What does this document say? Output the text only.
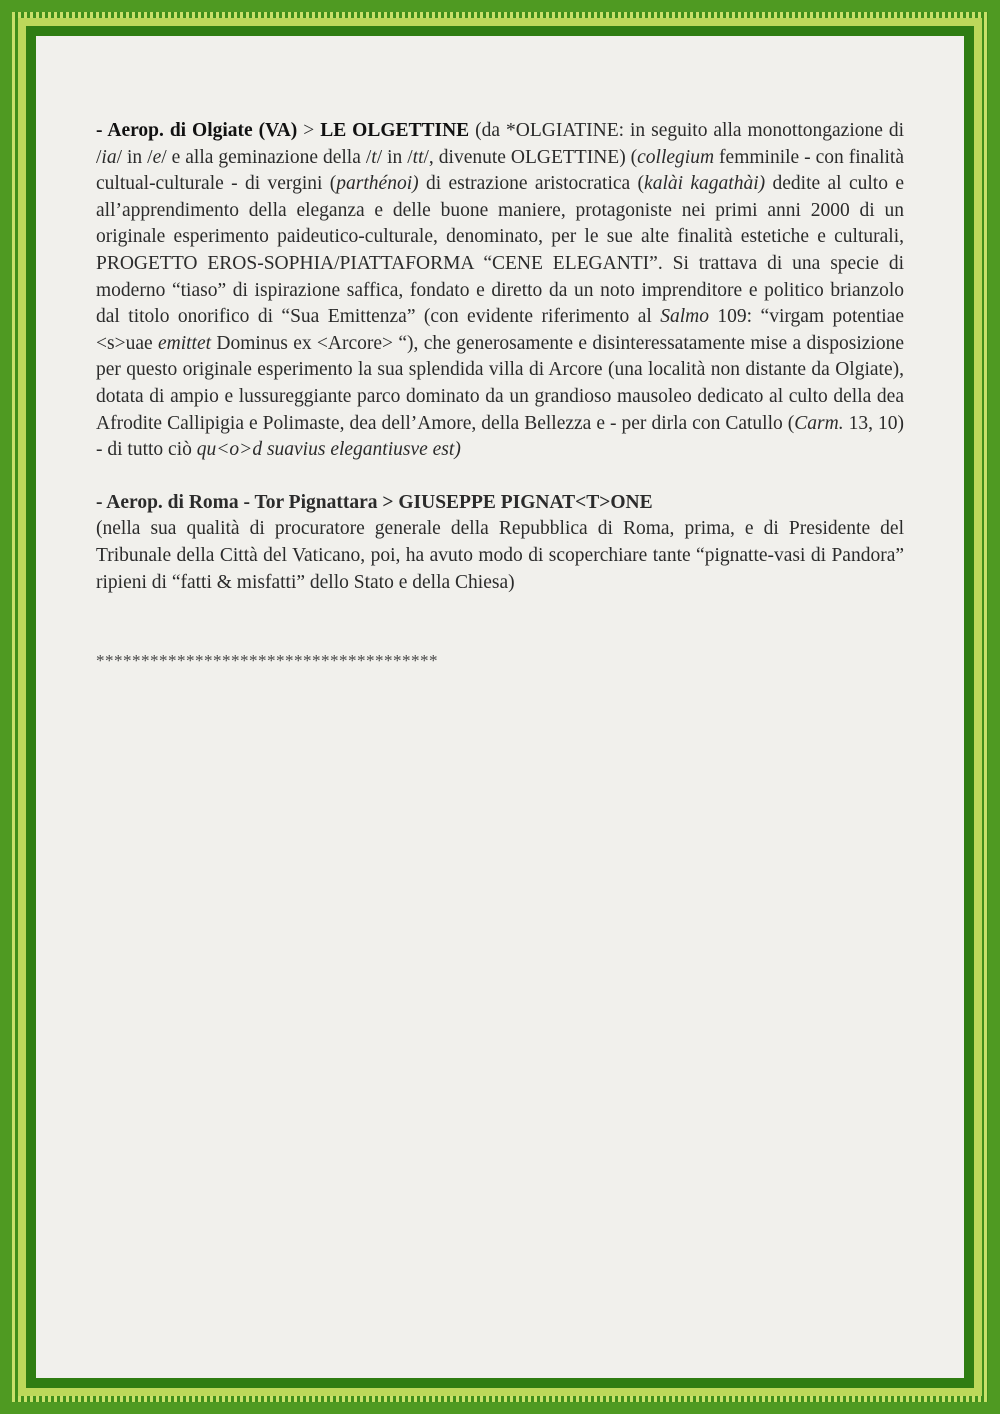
- Aerop. di Olgiate (VA) > LE OLGETTINE (da *OLGIATINE: in seguito alla monottongazione di /ia/ in /e/ e alla geminazione della /t/ in /tt/, divenute OLGETTINE) (collegium femminile - con finalità cultual-culturale - di vergini (parthénoi) di estrazione aristocratica (kalài kagathài) dedite al culto e all’apprendimento della eleganza e delle buone maniere, protagoniste nei primi anni 2000 di un originale esperimento paideutico-culturale, denominato, per le sue alte finalità estetiche e culturali, PROGETTO EROS-SOPHIA/PIATTAFORMA “CENE ELEGANTI”. Si trattava di una specie di moderno “tiaso” di ispirazione saffica, fondato e diretto da un noto imprenditore e politico brianzolo dal titolo onorifico di “Sua Emittenza” (con evidente riferimento al Salmo 109: “virgam potentiae <s>uae emittet Dominus ex <Arcore> “), che generosamente e disinteressatamente mise a disposizione per questo originale esperimento la sua splendida villa di Arcore (una località non distante da Olgiate), dotata di ampio e lussureggiante parco dominato da un grandioso mausoleo dedicato al culto della dea Afrodite Callipigia e Polimaste, dea dell’Amore, della Bellezza e - per dirla con Catullo (Carm. 13, 10) - di tutto ciò qu<o>d suavius elegantiusve est)

- Aerop. di Roma - Tor Pignattara > GIUSEPPE PIGNAT<T>ONE

(nella sua qualità di procuratore generale della Repubblica di Roma, prima, e di Presidente del Tribunale della Città del Vaticano, poi, ha avuto modo di scoperchiare tante “pignatte-vasi di Pandora” ripieni di “fatti & misfatti” dello Stato e della Chiesa)

**************************************
